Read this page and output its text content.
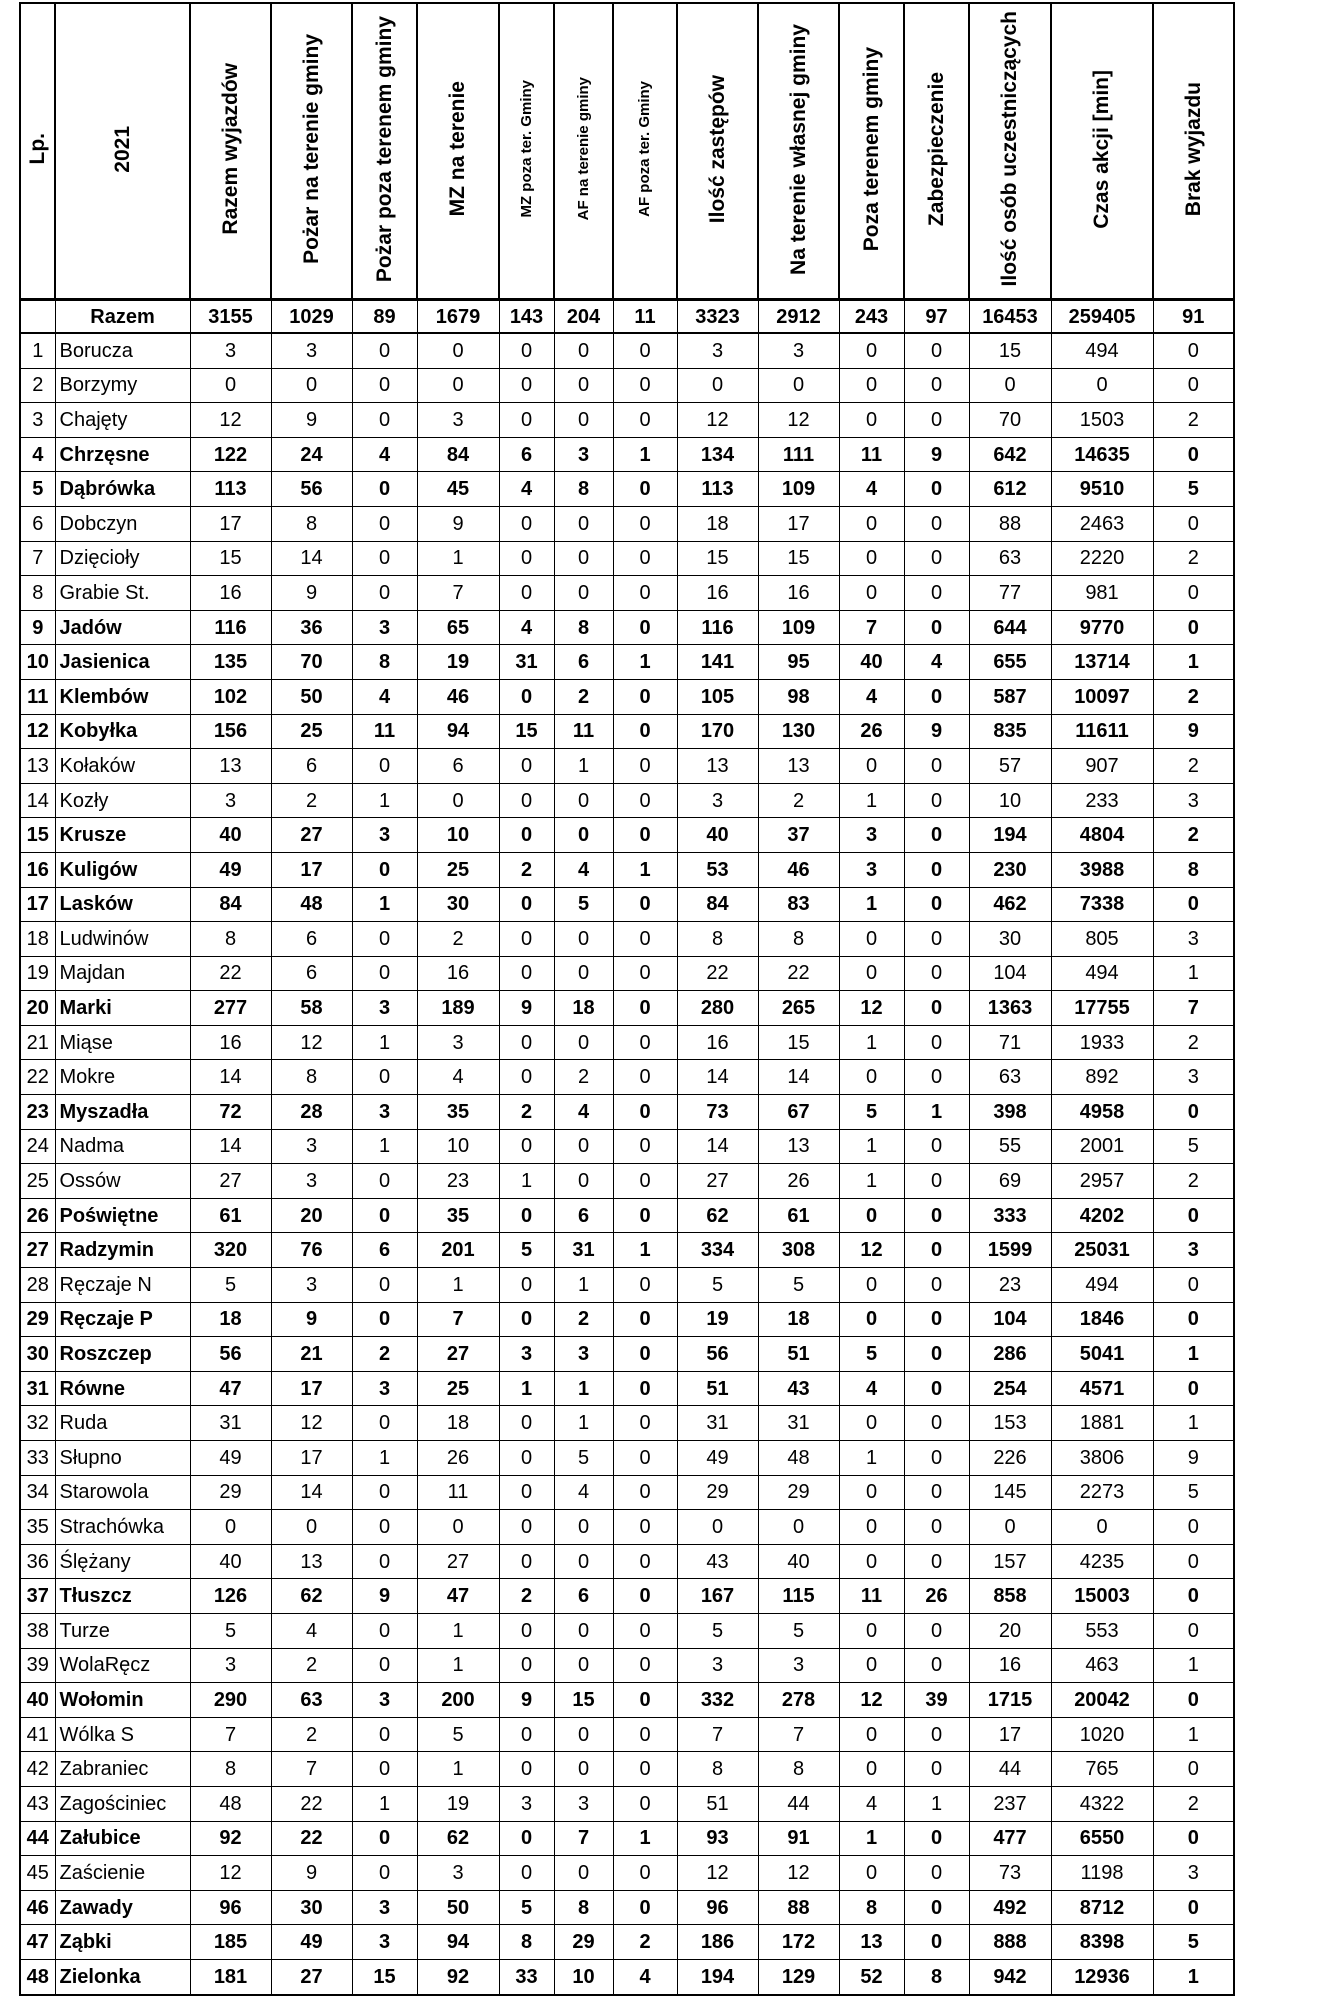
Lp.	2021	Razem wyjazdów	Pożar na terenie gminy	Pożar poza terenem gminy	MZ na terenie	MZ poza ter. Gminy	AF na terenie gminy	AF poza ter. Gminy	Ilość zastępów	Na terenie własnej gminy	Poza terenem gminy	Zabezpieczenie	Ilość osób uczestniczących	Czas akcji [min]	Brak wyjazdu
	Razem	3155	1029	89	1679	143	204	11	3323	2912	243	97	16453	259405	91
1	Borucza	3	3	0	0	0	0	0	3	3	0	0	15	494	0
2	Borzymy	0	0	0	0	0	0	0	0	0	0	0	0	0	0
3	Chajęty	12	9	0	3	0	0	0	12	12	0	0	70	1503	2
4	Chrzęsne	122	24	4	84	6	3	1	134	111	11	9	642	14635	0
5	Dąbrówka	113	56	0	45	4	8	0	113	109	4	0	612	9510	5
6	Dobczyn	17	8	0	9	0	0	0	18	17	0	0	88	2463	0
7	Dzięcioły	15	14	0	1	0	0	0	15	15	0	0	63	2220	2
8	Grabie St.	16	9	0	7	0	0	0	16	16	0	0	77	981	0
9	Jadów	116	36	3	65	4	8	0	116	109	7	0	644	9770	0
10	Jasienica	135	70	8	19	31	6	1	141	95	40	4	655	13714	1
11	Klembów	102	50	4	46	0	2	0	105	98	4	0	587	10097	2
12	Kobyłka	156	25	11	94	15	11	0	170	130	26	9	835	11611	9
13	Kołaków	13	6	0	6	0	1	0	13	13	0	0	57	907	2
14	Kozły	3	2	1	0	0	0	0	3	2	1	0	10	233	3
15	Krusze	40	27	3	10	0	0	0	40	37	3	0	194	4804	2
16	Kuligów	49	17	0	25	2	4	1	53	46	3	0	230	3988	8
17	Lasków	84	48	1	30	0	5	0	84	83	1	0	462	7338	0
18	Ludwinów	8	6	0	2	0	0	0	8	8	0	0	30	805	3
19	Majdan	22	6	0	16	0	0	0	22	22	0	0	104	494	1
20	Marki	277	58	3	189	9	18	0	280	265	12	0	1363	17755	7
21	Miąse	16	12	1	3	0	0	0	16	15	1	0	71	1933	2
22	Mokre	14	8	0	4	0	2	0	14	14	0	0	63	892	3
23	Myszadła	72	28	3	35	2	4	0	73	67	5	1	398	4958	0
24	Nadma	14	3	1	10	0	0	0	14	13	1	0	55	2001	5
25	Ossów	27	3	0	23	1	0	0	27	26	1	0	69	2957	2
26	Poświętne	61	20	0	35	0	6	0	62	61	0	0	333	4202	0
27	Radzymin	320	76	6	201	5	31	1	334	308	12	0	1599	25031	3
28	Ręczaje N	5	3	0	1	0	1	0	5	5	0	0	23	494	0
29	Ręczaje P	18	9	0	7	0	2	0	19	18	0	0	104	1846	0
30	Roszczep	56	21	2	27	3	3	0	56	51	5	0	286	5041	1
31	Równe	47	17	3	25	1	1	0	51	43	4	0	254	4571	0
32	Ruda	31	12	0	18	0	1	0	31	31	0	0	153	1881	1
33	Słupno	49	17	1	26	0	5	0	49	48	1	0	226	3806	9
34	Starowola	29	14	0	11	0	4	0	29	29	0	0	145	2273	5
35	Strachówka	0	0	0	0	0	0	0	0	0	0	0	0	0	0
36	Ślężany	40	13	0	27	0	0	0	43	40	0	0	157	4235	0
37	Tłuszcz	126	62	9	47	2	6	0	167	115	11	26	858	15003	0
38	Turze	5	4	0	1	0	0	0	5	5	0	0	20	553	0
39	WolaRęcz	3	2	0	1	0	0	0	3	3	0	0	16	463	1
40	Wołomin	290	63	3	200	9	15	0	332	278	12	39	1715	20042	0
41	Wólka S	7	2	0	5	0	0	0	7	7	0	0	17	1020	1
42	Zabraniec	8	7	0	1	0	0	0	8	8	0	0	44	765	0
43	Zagościniec	48	22	1	19	3	3	0	51	44	4	1	237	4322	2
44	Załubice	92	22	0	62	0	7	1	93	91	1	0	477	6550	0
45	Zaścienie	12	9	0	3	0	0	0	12	12	0	0	73	1198	3
46	Zawady	96	30	3	50	5	8	0	96	88	8	0	492	8712	0
47	Ząbki	185	49	3	94	8	29	2	186	172	13	0	888	8398	5
48	Zielonka	181	27	15	92	33	10	4	194	129	52	8	942	12936	1
